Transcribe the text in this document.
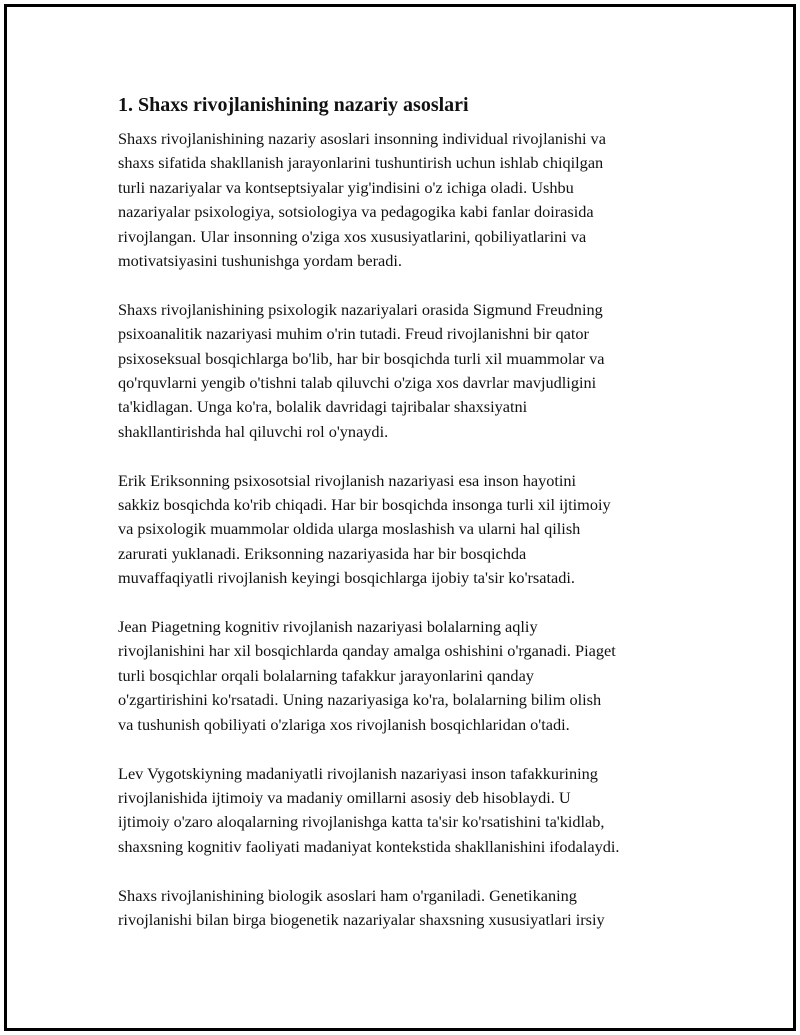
1. Shaxs rivojlanishining nazariy asoslari

Shaxs rivojlanishining nazariy asoslari insonning individual rivojlanishi va
shaxs sifatida shakllanish jarayonlarini tushuntirish uchun ishlab chiqilgan
turli nazariyalar va kontseptsiyalar yig'indisini o'z ichiga oladi. Ushbu
nazariyalar psixologiya, sotsiologiya va pedagogika kabi fanlar doirasida
rivojlangan. Ular insonning o'ziga xos xususiyatlarini, qobiliyatlarini va
motivatsiyasini tushunishga yordam beradi.

Shaxs rivojlanishining psixologik nazariyalari orasida Sigmund Freudning
psixoanalitik nazariyasi muhim o'rin tutadi. Freud rivojlanishni bir qator
psixoseksual bosqichlarga bo'lib, har bir bosqichda turli xil muammolar va
qo'rquvlarni yengib o'tishni talab qiluvchi o'ziga xos davrlar mavjudligini
ta'kidlagan. Unga ko'ra, bolalik davridagi tajribalar shaxsiyatni
shakllantirishda hal qiluvchi rol o'ynaydi.

Erik Eriksonning psixosotsial rivojlanish nazariyasi esa inson hayotini
sakkiz bosqichda ko'rib chiqadi. Har bir bosqichda insonga turli xil ijtimoiy
va psixologik muammolar oldida ularga moslashish va ularni hal qilish
zarurati yuklanadi. Eriksonning nazariyasida har bir bosqichda
muvaffaqiyatli rivojlanish keyingi bosqichlarga ijobiy ta'sir ko'rsatadi.

Jean Piagetning kognitiv rivojlanish nazariyasi bolalarning aqliy
rivojlanishini har xil bosqichlarda qanday amalga oshishini o'rganadi. Piaget
turli bosqichlar orqali bolalarning tafakkur jarayonlarini qanday
o'zgartirishini ko'rsatadi. Uning nazariyasiga ko'ra, bolalarning bilim olish
va tushunish qobiliyati o'zlariga xos rivojlanish bosqichlaridan o'tadi.

Lev Vygotskiyning madaniyatli rivojlanish nazariyasi inson tafakkurining
rivojlanishida ijtimoiy va madaniy omillarni asosiy deb hisoblaydi. U
ijtimoiy o'zaro aloqalarning rivojlanishga katta ta'sir ko'rsatishini ta'kidlab,
shaxsning kognitiv faoliyati madaniyat kontekstida shakllanishini ifodalaydi.

Shaxs rivojlanishining biologik asoslari ham o'rganiladi. Genetikaning
rivojlanishi bilan birga biogenetik nazariyalar shaxsning xususiyatlari irsiy
